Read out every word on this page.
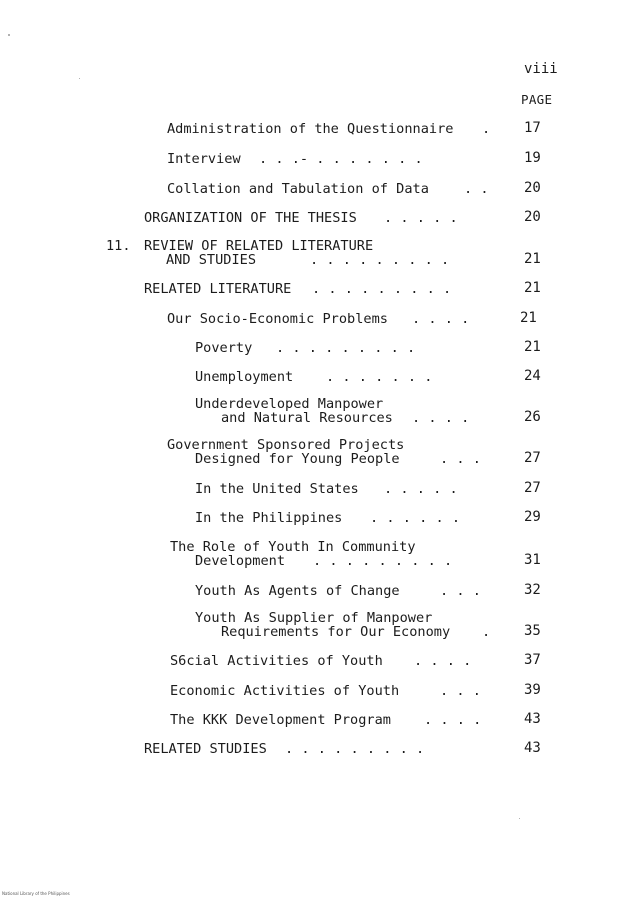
viii
PAGE
Administration of the Questionnaire . 17
Interview . . .- . . . . . . .	19
Collation and Tabulation of Data	. .	20
ORGANIZATION OF THE THESIS . . . . .	20
11. REVIEW OF RELATED LITERATURE
AND STUDIES	. . . . . . . . .	21
RELATED LITERATURE . . . . . . . . .	21
Our Socio-Economic Problems . . . .	21
Poverty . . . . . . . . .	21
Unemployment . . . . . . .	24
Underdeveloped Manpower
and Natural Resources . . . .	26
Government Sponsored Projects
Designed for Young People	. . .	27
In the United States . . . . .	27
In the Philippines . . . . . .	29
The Role of Youth In Community
Development . . . . . . . . .	31
Youth As Agents of Change	. . .	32
Youth As Supplier of Manpower
Requirements for Our Economy . 35
S6cial Activities of Youth . . . .	37
Economic Activities of Youth	. . .	39
The KKK Development Program . . . .	43
RELATED STUDIES . . . . . . . . .	43
National Library of the Philippines
